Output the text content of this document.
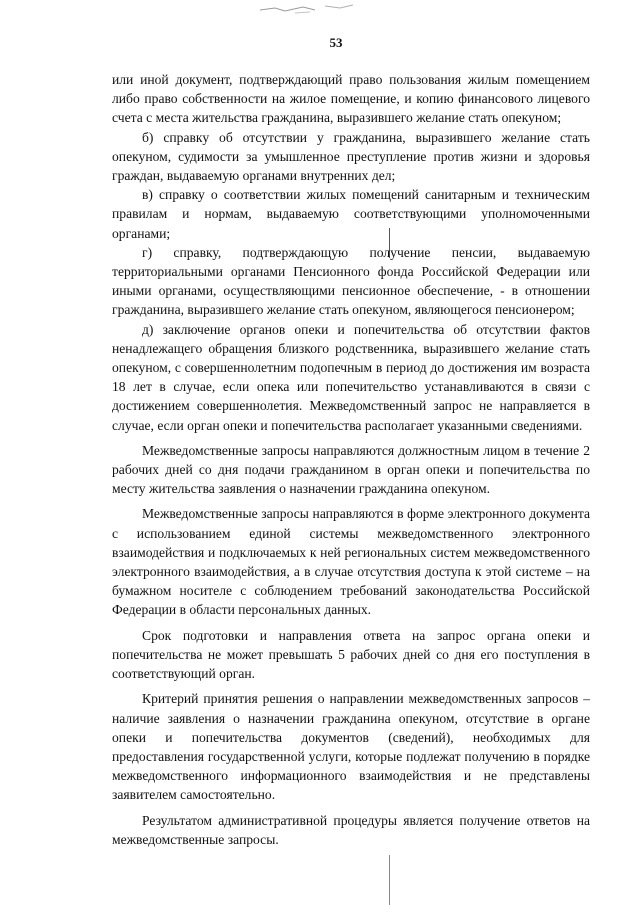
53

или иной документ, подтверждающий право пользования жилым помещением либо право собственности на жилое помещение, и копию финансового лицевого счета с места жительства гражданина, выразившего желание стать опекуном;

б) справку об отсутствии у гражданина, выразившего желание стать опекуном, судимости за умышленное преступление против жизни и здоровья граждан, выдаваемую органами внутренних дел;

в) справку о соответствии жилых помещений санитарным и техническим правилам и нормам, выдаваемую соответствующими уполномоченными органами;

г) справку, подтверждающую получение пенсии, выдаваемую территориальными органами Пенсионного фонда Российской Федерации или иными органами, осуществляющими пенсионное обеспечение, - в отношении гражданина, выразившего желание стать опекуном, являющегося пенсионером;

д) заключение органов опеки и попечительства об отсутствии фактов ненадлежащего обращения близкого родственника, выразившего желание стать опекуном, с совершеннолетним подопечным в период до достижения им возраста 18 лет в случае, если опека или попечительство устанавливаются в связи с достижением совершеннолетия. Межведомственный запрос не направляется в случае, если орган опеки и попечительства располагает указанными сведениями.

Межведомственные запросы направляются должностным лицом в течение 2 рабочих дней со дня подачи гражданином в орган опеки и попечительства по месту жительства заявления о назначении гражданина опекуном.

Межведомственные запросы направляются в форме электронного документа с использованием единой системы межведомственного электронного взаимодействия и подключаемых к ней региональных систем межведомственного электронного взаимодействия, а в случае отсутствия доступа к этой системе – на бумажном носителе с соблюдением требований законодательства Российской Федерации в области персональных данных.

Срок подготовки и направления ответа на запрос органа опеки и попечительства не может превышать 5 рабочих дней со дня его поступления в соответствующий орган.

Критерий принятия решения о направлении межведомственных запросов – наличие заявления о назначении гражданина опекуном, отсутствие в органе опеки и попечительства документов (сведений), необходимых для предоставления государственной услуги, которые подлежат получению в порядке межведомственного информационного взаимодействия и не представлены заявителем самостоятельно.

Результатом административной процедуры является получение ответов на межведомственные запросы.
